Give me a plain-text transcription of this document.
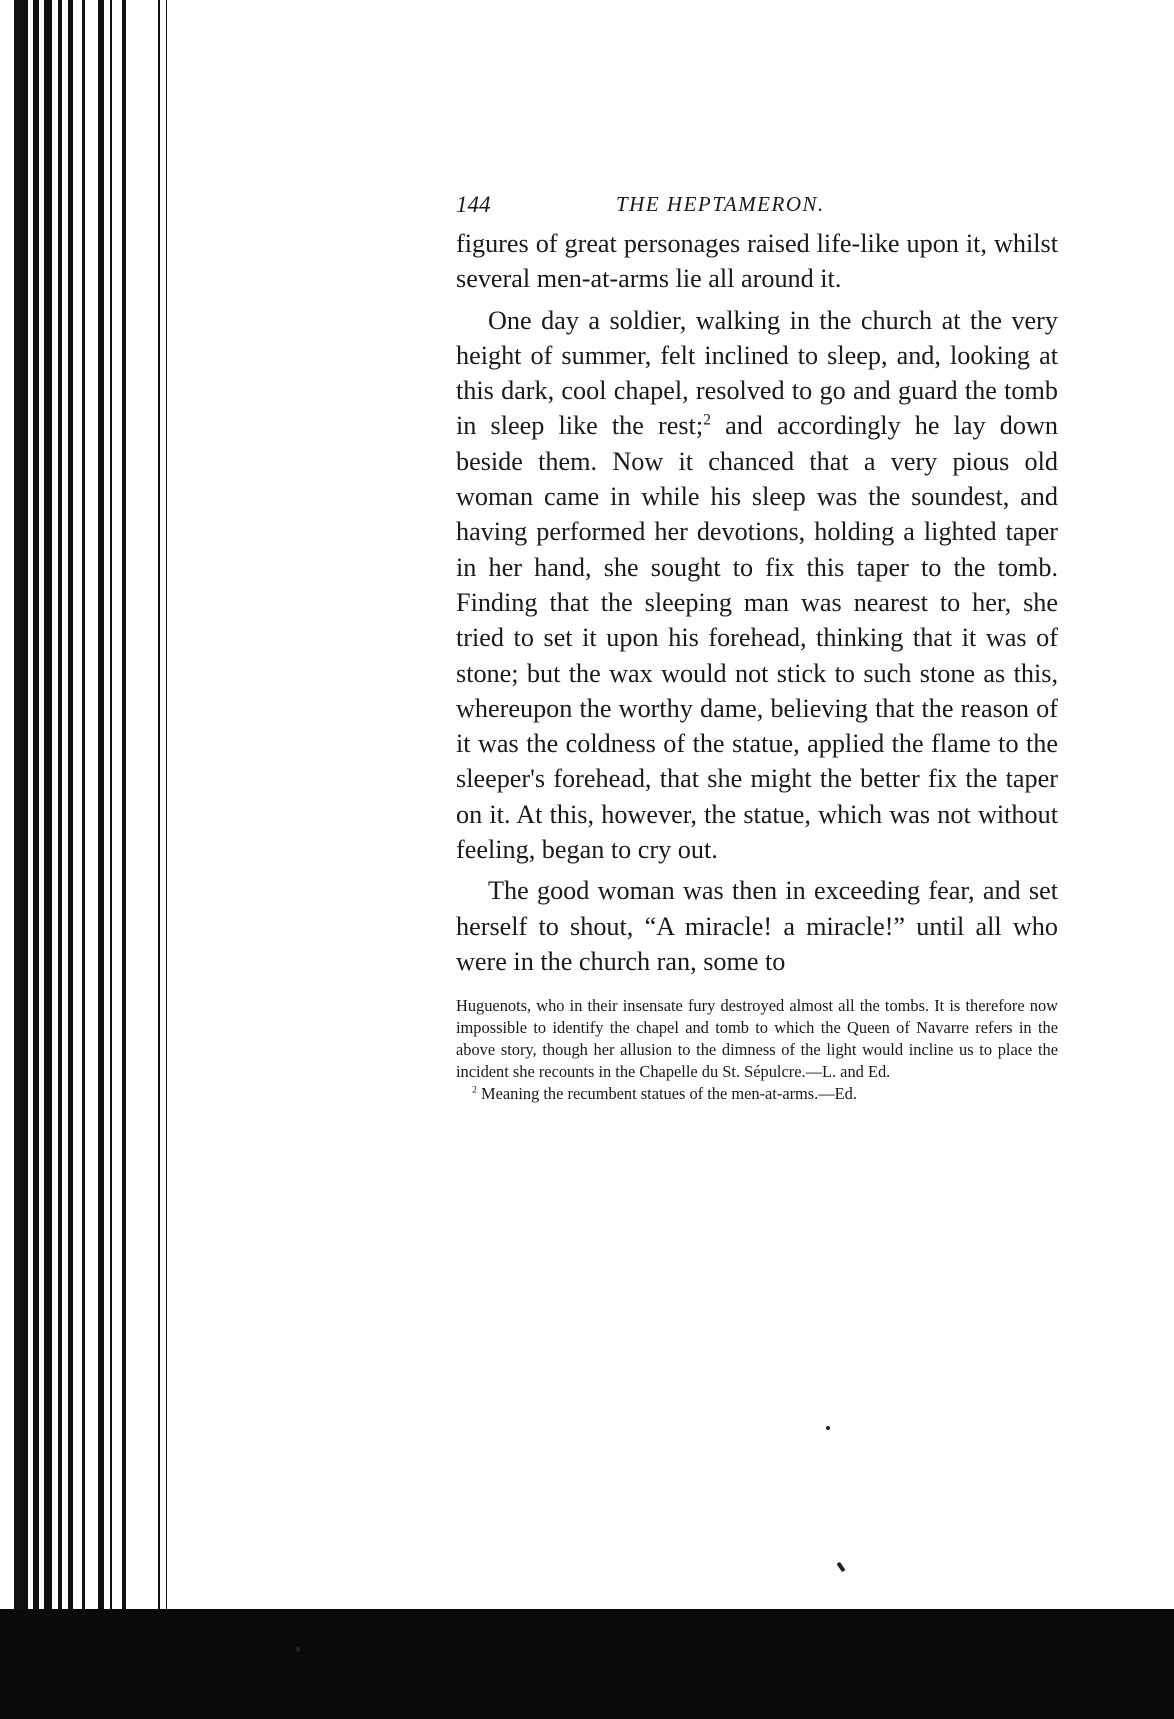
144	THE HEPTAMERON.

figures of great personages raised life-like upon it, whilst several men-at-arms lie all around it.

One day a soldier, walking in the church at the very height of summer, felt inclined to sleep, and, looking at this dark, cool chapel, resolved to go and guard the tomb in sleep like the rest;$^2$ and accordingly he lay down beside them. Now it chanced that a very pious old woman came in while his sleep was the soundest, and having performed her devotions, holding a lighted taper in her hand, she sought to fix this taper to the tomb. Finding that the sleeping man was nearest to her, she tried to set it upon his forehead, thinking that it was of stone; but the wax would not stick to such stone as this, whereupon the worthy dame, believing that the reason of it was the coldness of the statue, applied the flame to the sleeper's forehead, that she might the better fix the taper on it. At this, however, the statue, which was not without feeling, began to cry out.

The good woman was then in exceeding fear, and set herself to shout, “A miracle! a miracle!” until all who were in the church ran, some to

Huguenots, who in their insensate fury destroyed almost all the tombs. It is therefore now impossible to identify the chapel and tomb to which the Queen of Navarre refers in the above story, though her allusion to the dimness of the light would incline us to place the incident she recounts in the Chapelle du St. Sépulcre.—L. and Ed.

$^2$ Meaning the recumbent statues of the men-at-arms.—Ed.
